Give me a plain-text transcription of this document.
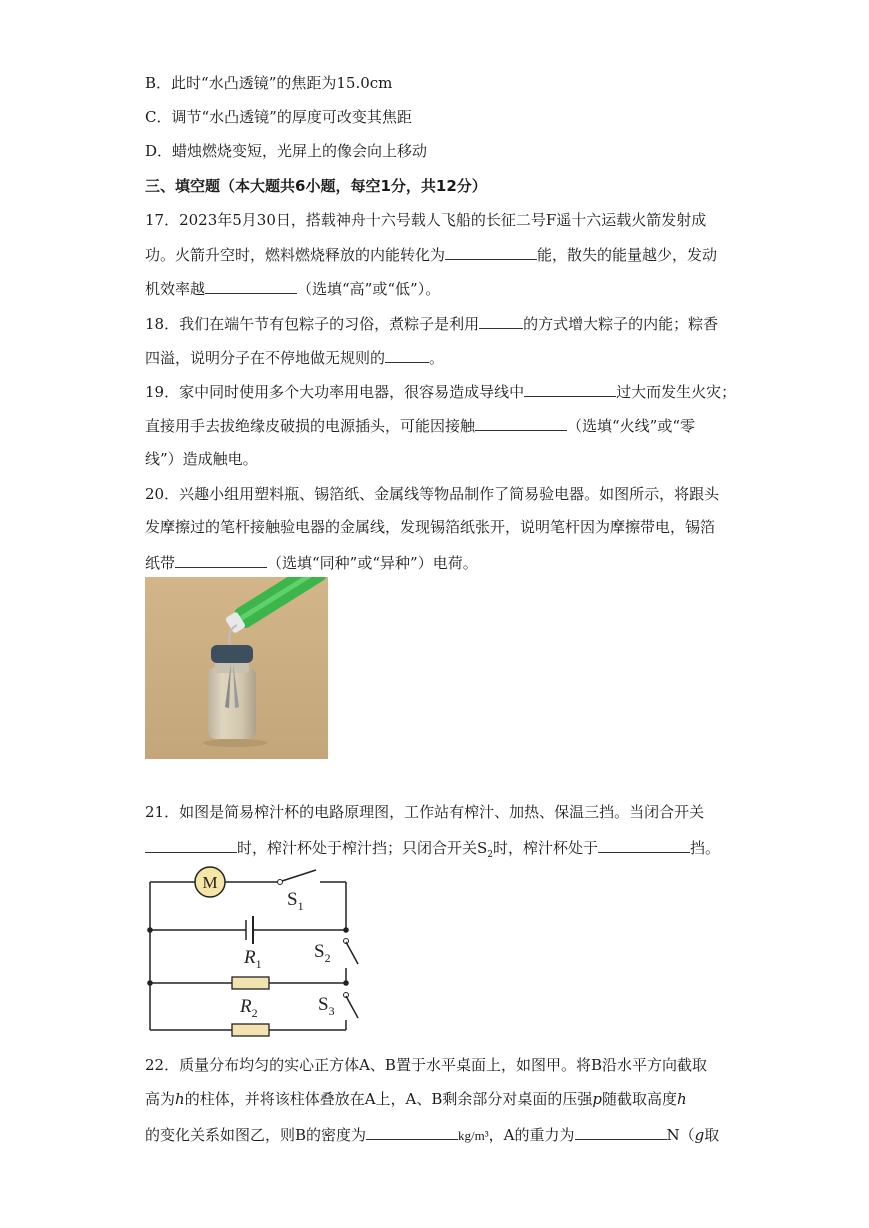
B．此时“水凸透镜”的焦距为15.0cm
C．调节“水凸透镜”的厚度可改变其焦距
D．蜡烛燃烧变短，光屏上的像会向上移动
三、填空题（本大题共6小题，每空1分，共12分）
17．2023年5月30日，搭载神舟十六号载人飞船的长征二号F遥十六运载火箭发射成
功。火箭升空时，燃料燃烧释放的内能转化为	能，散失的能量越少，发动
机效率越	（选填“高”或“低”）。
18．我们在端午节有包粽子的习俗，煮粽子是利用	的方式增大粽子的内能；粽香
四溢，说明分子在不停地做无规则的	。
19．家中同时使用多个大功率用电器，很容易造成导线中	过大而发生火灾；
直接用手去拔绝缘皮破损的电源插头，可能因接触	（选填“火线”或“零
线”）造成触电。
20．兴趣小组用塑料瓶、锡箔纸、金属线等物品制作了简易验电器。如图所示，将跟头
发摩擦过的笔杆接触验电器的金属线，发现锡箔纸张开，说明笔杆因为摩擦带电，锡箔
纸带	（选填“同种”或“异种”）电荷。
21．如图是简易榨汁杯的电路原理图，工作站有榨汁、加热、保温三挡。当闭合开关
时，榨汁杯处于榨汁挡；只闭合开关$S_2$时，榨汁杯处于	挡。
M
$S_1$
$S_2$
$R_1$
$S_3$
$R_2$
22．质量分布均匀的实心正方体A、B置于水平桌面上，如图甲。将B沿水平方向截取
高为h的柱体，并将该柱体叠放在A上，A、B剩余部分对桌面的压强p随截取高度h
的变化关系如图乙，则B的密度为	kg/m³，A的重力为	N（g取
